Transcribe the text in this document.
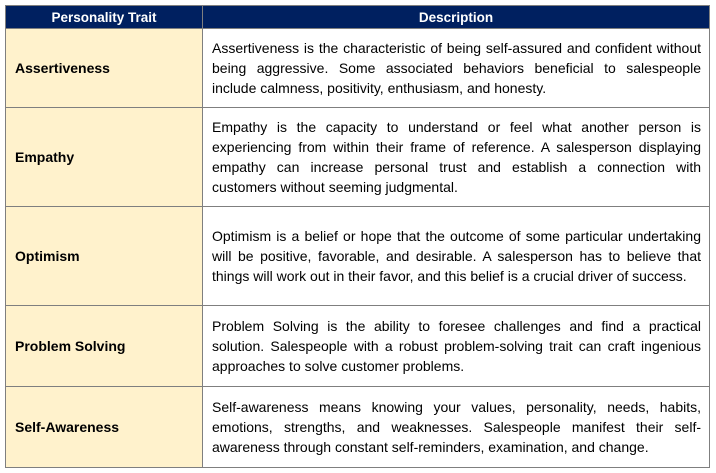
Personality Trait	Description
Assertiveness	Assertiveness is the characteristic of being self-assured and confident without being aggressive. Some associated behaviors beneficial to salespeople include calmness, positivity, enthusiasm, and honesty.
Empathy	Empathy is the capacity to understand or feel what another person is experiencing from within their frame of reference. A salesperson displaying empathy can increase personal trust and establish a connection with customers without seeming judgmental.
Optimism	Optimism is a belief or hope that the outcome of some particular undertaking will be positive, favorable, and desirable. A salesperson has to believe that things will work out in their favor, and this belief is a crucial driver of success.
Problem Solving	Problem Solving is the ability to foresee challenges and find a practical solution. Salespeople with a robust problem-solving trait can craft ingenious approaches to solve customer problems.
Self-Awareness	Self-awareness means knowing your values, personality, needs, habits, emotions, strengths, and weaknesses. Salespeople manifest their self-awareness through constant self-reminders, examination, and change.
